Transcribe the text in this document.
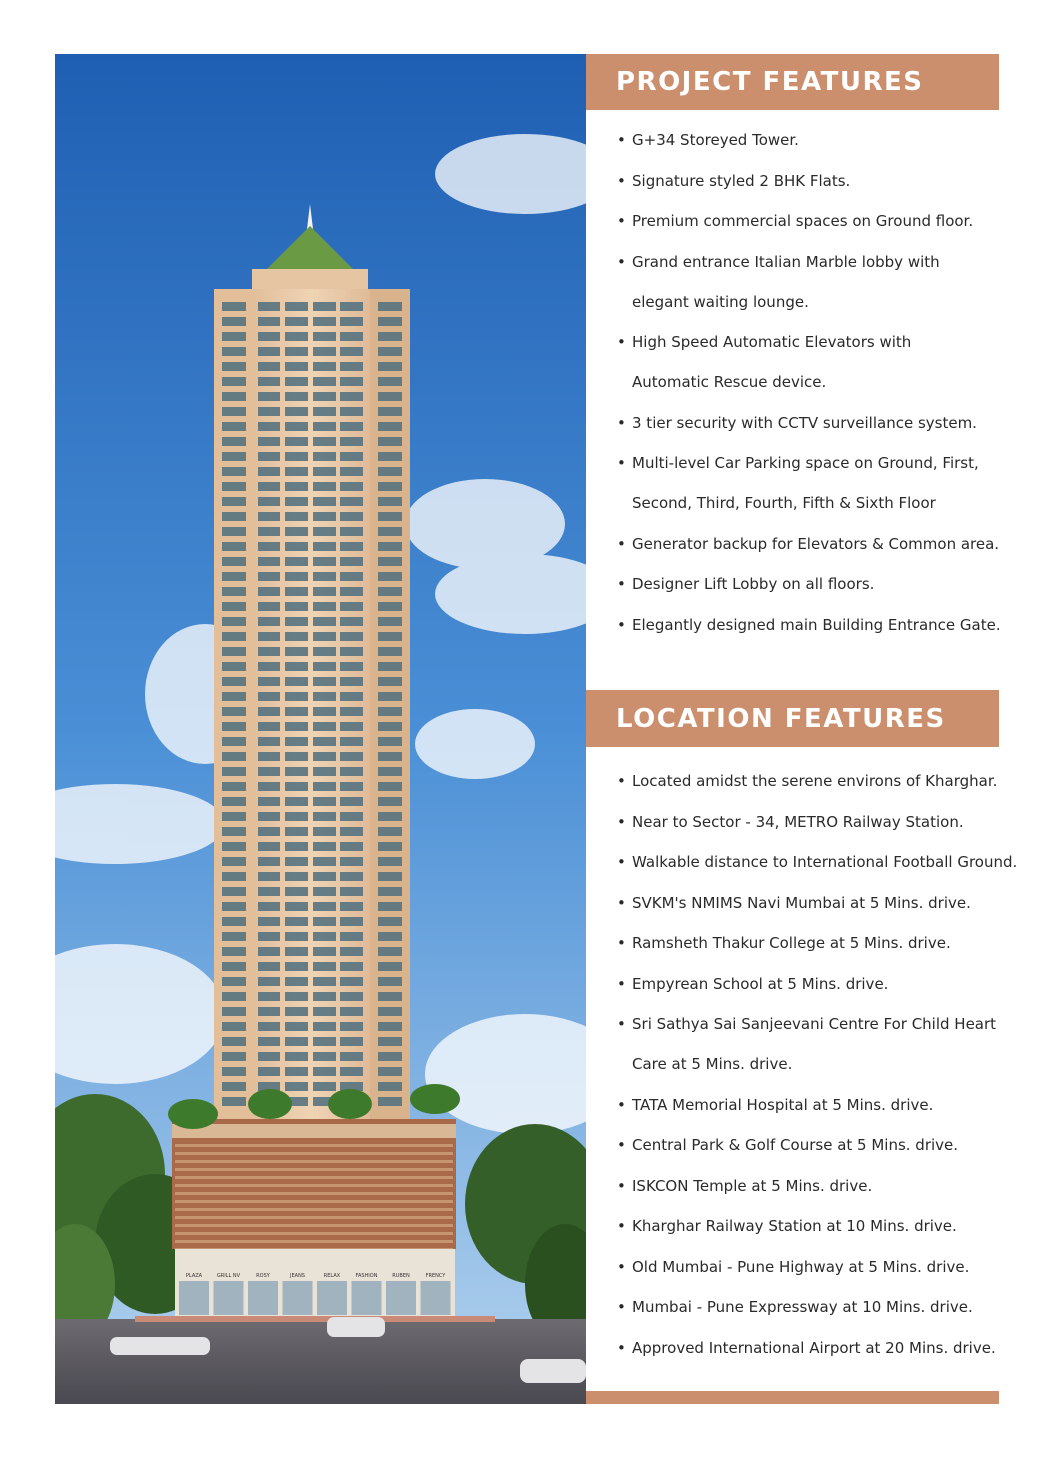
PLAZA	GRILL NV	ROSY	JEANS	RELAX	FASHION	RUBEN	FRENCY
PROJECT FEATURES
• G+34 Storeyed Tower.
• Signature styled 2 BHK Flats.
• Premium commercial spaces on Ground floor.
• Grand entrance Italian Marble lobby with
elegant waiting lounge.
• High Speed Automatic Elevators with
Automatic Rescue device.
• 3 tier security with CCTV surveillance system.
• Multi-level Car Parking space on Ground, First,
Second, Third, Fourth, Fifth & Sixth Floor
• Generator backup for Elevators & Common area.
• Designer Lift Lobby on all floors.
• Elegantly designed main Building Entrance Gate.
LOCATION FEATURES
• Located amidst the serene environs of Kharghar.
• Near to Sector - 34, METRO Railway Station.
• Walkable distance to International Football Ground.
• SVKM's NMIMS Navi Mumbai at 5 Mins. drive.
• Ramsheth Thakur College at 5 Mins. drive.
• Empyrean School at 5 Mins. drive.
• Sri Sathya Sai Sanjeevani Centre For Child Heart
Care at 5 Mins. drive.
• TATA Memorial Hospital at 5 Mins. drive.
• Central Park & Golf Course at 5 Mins. drive.
• ISKCON Temple at 5 Mins. drive.
• Kharghar Railway Station at 10 Mins. drive.
• Old Mumbai - Pune Highway at 5 Mins. drive.
• Mumbai - Pune Expressway at 10 Mins. drive.
• Approved International Airport at 20 Mins. drive.
